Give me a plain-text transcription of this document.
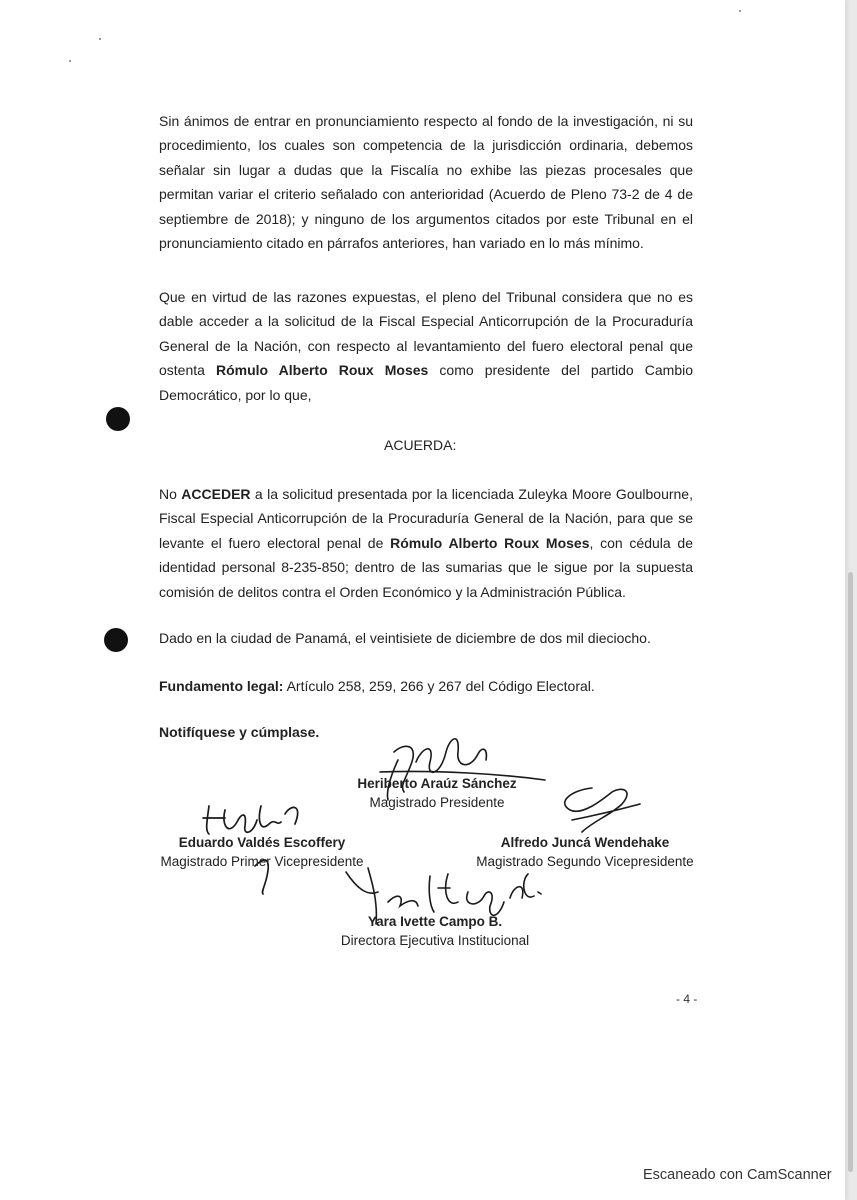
Sin ánimos de entrar en pronunciamiento respecto al fondo de la investigación, ni su procedimiento, los cuales son competencia de la jurisdicción ordinaria, debemos señalar sin lugar a dudas que la Fiscalía no exhibe las piezas procesales que permitan variar el criterio señalado con anterioridad (Acuerdo de Pleno 73-2 de 4 de septiembre de 2018); y ninguno de los argumentos citados por este Tribunal en el pronunciamiento citado en párrafos anteriores, han variado en lo más mínimo.
Que en virtud de las razones expuestas, el pleno del Tribunal considera que no es dable acceder a la solicitud de la Fiscal Especial Anticorrupción de la Procuraduría General de la Nación, con respecto al levantamiento del fuero electoral penal que ostenta Rómulo Alberto Roux Moses como presidente del partido Cambio Democrático, por lo que,
ACUERDA:
No ACCEDER a la solicitud presentada por la licenciada Zuleyka Moore Goulbourne, Fiscal Especial Anticorrupción de la Procuraduría General de la Nación, para que se levante el fuero electoral penal de Rómulo Alberto Roux Moses, con cédula de identidad personal 8-235-850; dentro de las sumarias que le sigue por la supuesta comisión de delitos contra el Orden Económico y la Administración Pública.
Dado en la ciudad de Panamá, el veintisiete de diciembre de dos mil dieciocho.
Fundamento legal: Artículo 258, 259, 266 y 267 del Código Electoral.
Notifíquese y cúmplase.
Heriberto Araúz Sánchez
Magistrado Presidente
Eduardo Valdés Escoffery
Magistrado Primer Vicepresidente
Alfredo Juncá Wendehake
Magistrado Segundo Vicepresidente
Yara Ivette Campo B.
Directora Ejecutiva Institucional
- 4 -
Escaneado con CamScanner
